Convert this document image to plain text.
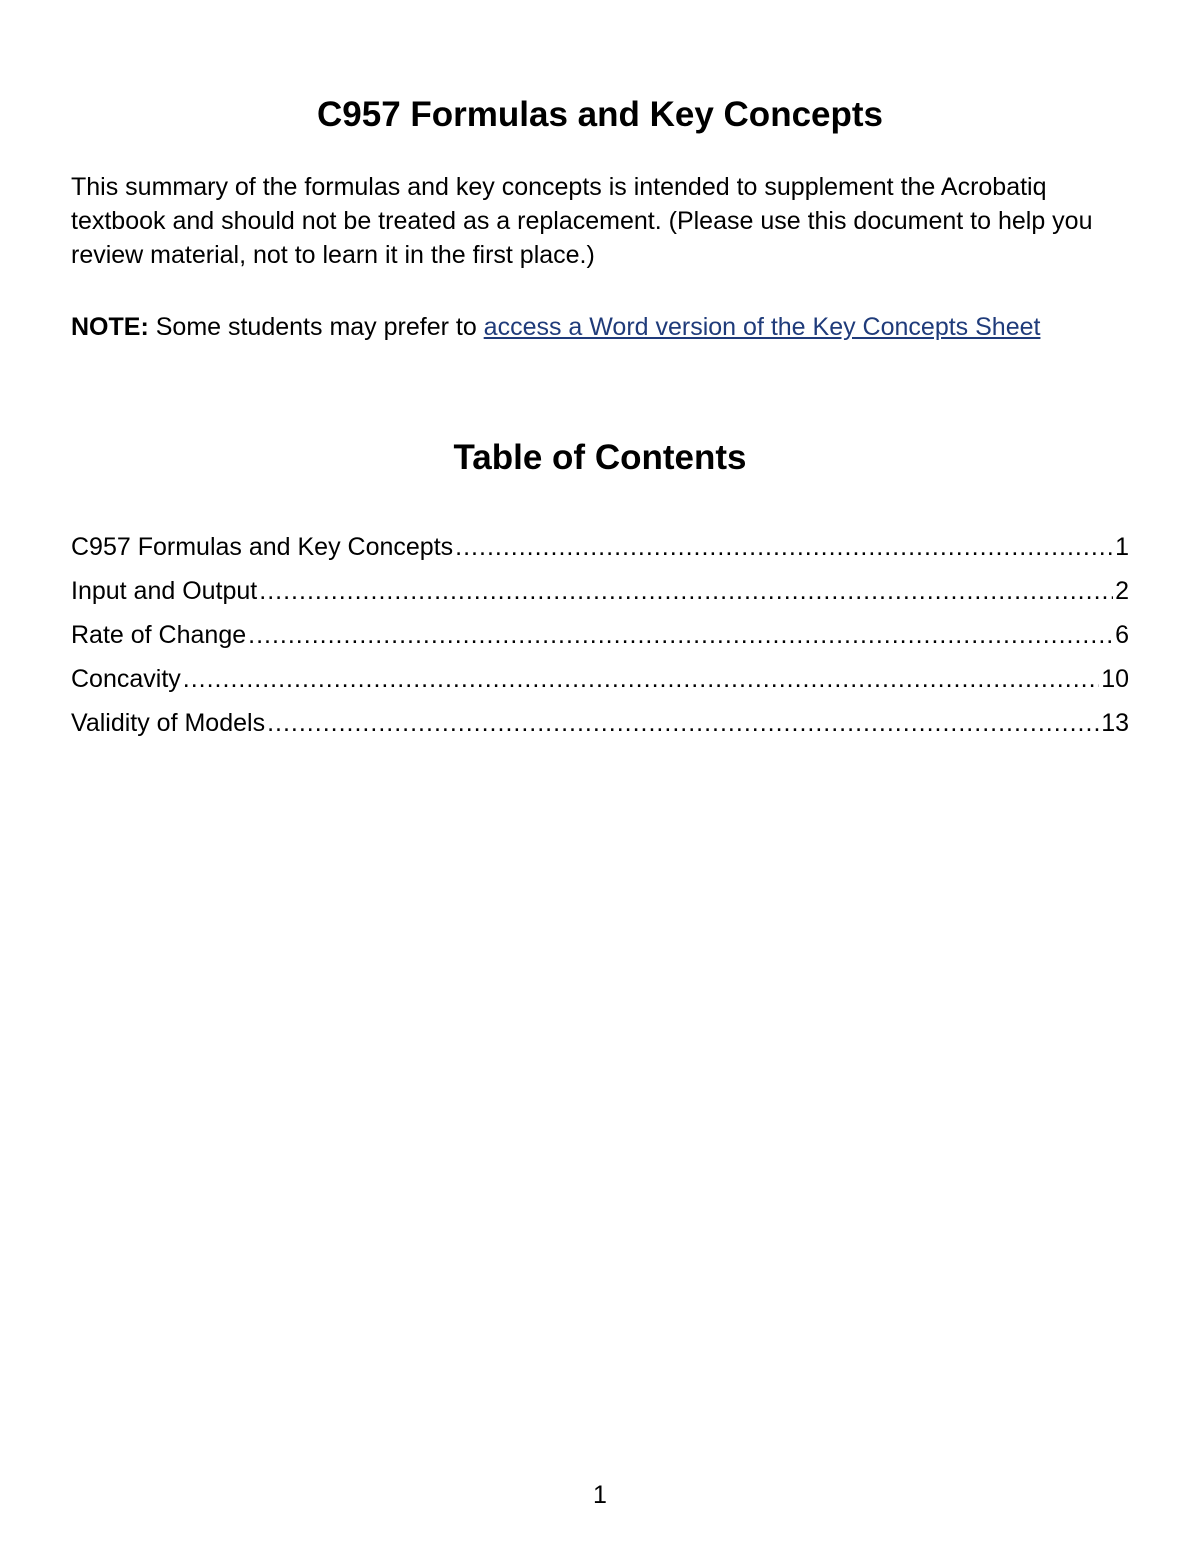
C957 Formulas and Key Concepts

This summary of the formulas and key concepts is intended to supplement the Acrobatiq textbook and should not be treated as a replacement. (Please use this document to help you review material, not to learn it in the first place.)

NOTE: Some students may prefer to access a Word version of the Key Concepts Sheet

Table of Contents
C957 Formulas and Key Concepts .....	1
Input and Output .....	2
Rate of Change .....	6
Concavity .....	10
Validity of Models .....	13
1
